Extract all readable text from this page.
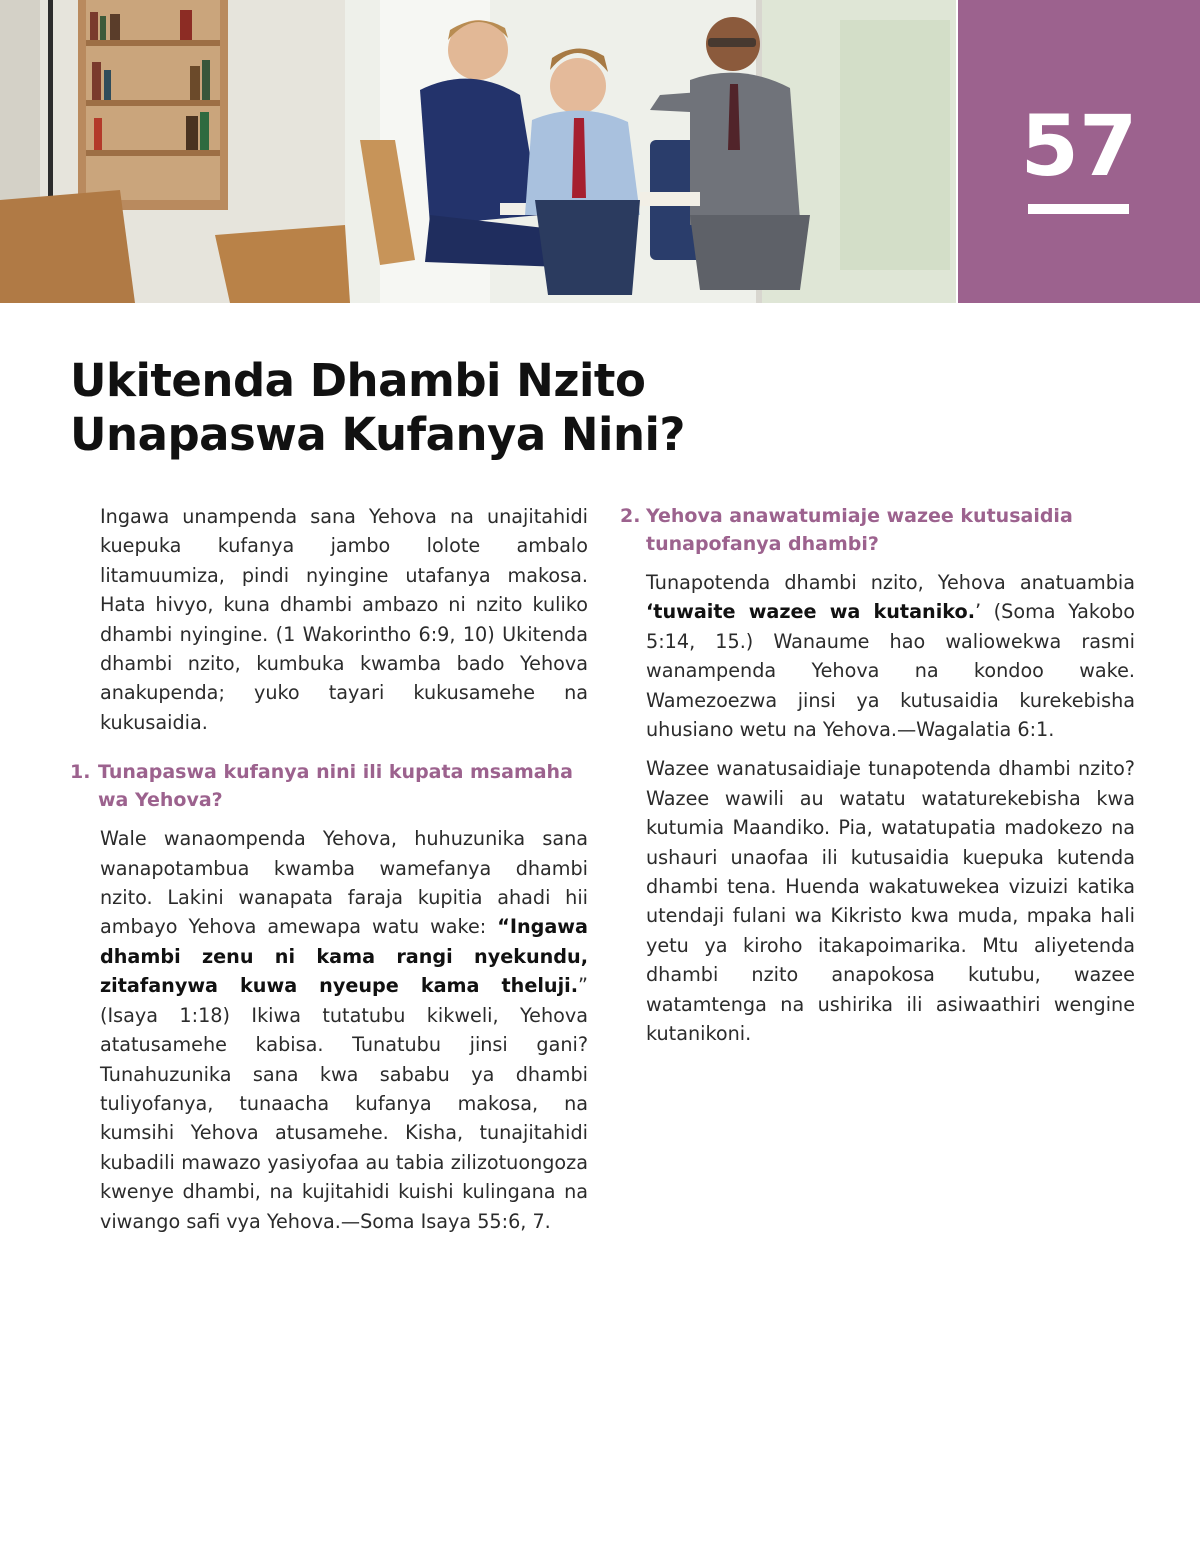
57
Ukitenda Dhambi Nzito
Unapaswa Kufanya Nini?

Ingawa unampenda sana Yehova na unajitahidi kuepuka kufanya jambo lolote ambalo litamuumiza, pindi nyingine utafanya makosa. Hata hivyo, kuna dhambi ambazo ni nzito kuliko dhambi nyingine. (1 Wakorintho 6:9, 10) Ukitenda dhambi nzito, kumbuka kwamba bado Yehova anakupenda; yuko tayari kukusamehe na kukusaidia.

1. Tunapaswa kufanya nini ili kupata msamaha wa Yehova?

Wale wanaompenda Yehova, huhuzunika sana wanapotambua kwamba wamefanya dhambi nzito. Lakini wanapata faraja kupitia ahadi hii ambayo Yehova amewapa watu wake: “Ingawa dhambi zenu ni kama rangi nyekundu, zitafanywa kuwa nyeupe kama theluji.” (Isaya 1:18) Ikiwa tutatubu kikweli, Yehova atatusamehe kabisa. Tunatubu jinsi gani? Tunahuzunika sana kwa sababu ya dhambi tuliyofanya, tunaacha kufanya makosa, na kumsihi Yehova atusamehe. Kisha, tunajitahidi kubadili mawazo yasiyofaa au tabia zilizotuongoza kwenye dhambi, na kujitahidi kuishi kulingana na viwango safi vya Yehova.—Soma Isaya 55:6, 7.

2. Yehova anawatumiaje wazee kutusaidia tunapofanya dhambi?

Tunapotenda dhambi nzito, Yehova anatuambia ‘tuwaite wazee wa kutaniko.’ (Soma Yakobo 5:14, 15.) Wanaume hao waliowekwa rasmi wanampenda Yehova na kondoo wake. Wamezoezwa jinsi ya kutusaidia kurekebisha uhusiano wetu na Yehova.—Wagalatia 6:1.

Wazee wanatusaidiaje tunapotenda dhambi nzito? Wazee wawili au watatu wataturekebisha kwa kutumia Maandiko. Pia, watatupatia madokezo na ushauri unaofaa ili kutusaidia kuepuka kutenda dhambi tena. Huenda wakatuwekea vizuizi katika utendaji fulani wa Kikristo kwa muda, mpaka hali yetu ya kiroho itakapoimarika. Mtu aliyetenda dhambi nzito anapokosa kutubu, wazee watamtenga na ushirika ili asiwaathiri wengine kutanikoni.
